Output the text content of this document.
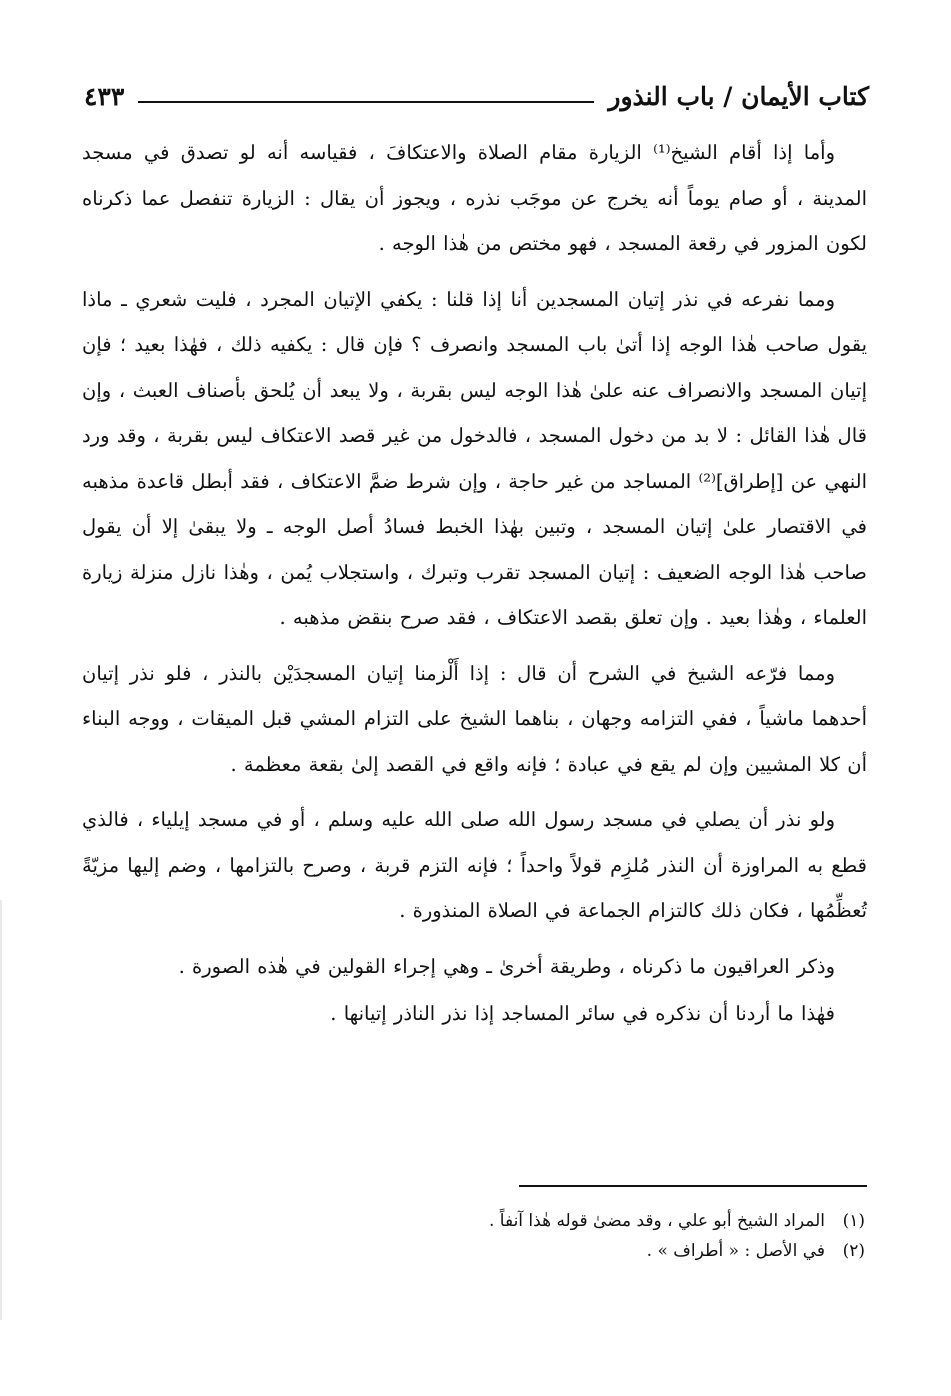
كتاب الأيمان / باب النذور
٤٣٣

وأما إذا أقام الشيخ⁽¹⁾ الزيارة مقام الصلاة والاعتكافَ ، فقياسه أنه لو تصدق في مسجد المدينة ، أو صام يوماً أنه يخرج عن موجَب نذره ، ويجوز أن يقال : الزيارة تنفصل عما ذكرناه لكون المزور في رقعة المسجد ، فهو مختص من هٰذا الوجه .

ومما نفرعه في نذر إتيان المسجدين أنا إذا قلنا : يكفي الإتيان المجرد ، فليت شعري ـ ماذا يقول صاحب هٰذا الوجه إذا أتىٰ باب المسجد وانصرف ؟ فإن قال : يكفيه ذلك ، فهٰذا بعيد ؛ فإن إتيان المسجد والانصراف عنه علىٰ هٰذا الوجه ليس بقربة ، ولا يبعد أن يُلحق بأصناف العبث ، وإن قال هٰذا القائل : لا بد من دخول المسجد ، فالدخول من غير قصد الاعتكاف ليس بقربة ، وقد ورد النهي عن [إطراق]⁽²⁾ المساجد من غير حاجة ، وإن شرط ضمَّ الاعتكاف ، فقد أبطل قاعدة مذهبه في الاقتصار علىٰ إتيان المسجد ، وتبين بهٰذا الخبط فسادُ أصل الوجه ـ ولا يبقىٰ إلا أن يقول صاحب هٰذا الوجه الضعيف : إتيان المسجد تقرب وتبرك ، واستجلاب يُمن ، وهٰذا نازل منزلة زيارة العلماء ، وهٰذا بعيد . وإن تعلق بقصد الاعتكاف ، فقد صرح بنقض مذهبه .

ومما فرّعه الشيخ في الشرح أن قال : إذا أَلْزمنا إتيان المسجدَيْن بالنذر ، فلو نذر إتيان أحدهما ماشياً ، ففي التزامه وجهان ، بناهما الشيخ على التزام المشي قبل الميقات ، ووجه البناء أن كلا المشيين وإن لم يقع في عبادة ؛ فإنه واقع في القصد إلىٰ بقعة معظمة .

ولو نذر أن يصلي في مسجد رسول الله صلى الله عليه وسلم ، أو في مسجد إيلياء ، فالذي قطع به المراوزة أن النذر مُلزِم قولاً واحداً ؛ فإنه التزم قربة ، وصرح بالتزامها ، وضم إليها مزيّةً تُعظِّمُها ، فكان ذلك كالتزام الجماعة في الصلاة المنذورة .

وذكر العراقيون ما ذكرناه ، وطريقة أخرىٰ ـ وهي إجراء القولين في هٰذه الصورة .

فهٰذا ما أردنا أن نذكره في سائر المساجد إذا نذر الناذر إتيانها .

(١)
المراد الشيخ أبو علي ، وقد مضىٰ قوله هٰذا آنفاً .
(٢)
في الأصل : « أطراف » .
